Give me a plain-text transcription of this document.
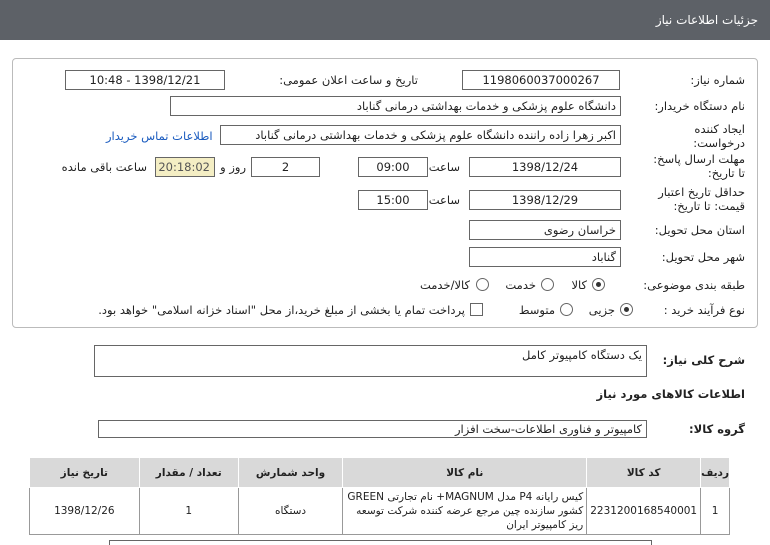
جزئیات اطلاعات نیاز
شماره نیاز:
1198060037000267
تاریخ و ساعت اعلان عمومی:
1398/12/21 - 10:48
نام دستگاه خریدار:
دانشگاه علوم پزشکی و خدمات بهداشتی درمانی گناباد
ایجاد کننده
درخواست:
اکبر زهرا زاده راننده دانشگاه علوم پزشکی و خدمات بهداشتی درمانی گناباد
اطلاعات تماس خریدار
مهلت ارسال پاسخ:
تا تاریخ:
1398/12/24
ساعت
09:00
2
روز و
20:18:02
ساعت باقی مانده
حداقل تاریخ اعتبار
قیمت: تا تاریخ:
1398/12/29
ساعت
15:00
استان محل تحویل:
خراسان رضوی
شهر محل تحویل:
گناباد
طبقه بندی موضوعی:
کالا
خدمت
کالا/خدمت
نوع فرآیند خرید :
جزیی
متوسط
پرداخت تمام یا بخشی از مبلغ خرید،از محل "اسناد خزانه اسلامی" خواهد بود.
شرح کلی نیاز:
یک دستگاه کامپیوتر کامل
اطلاعات کالاهای مورد نیاز
گروه کالا:
کامپیوتر و فناوری اطلاعات-سخت افزار
ردیف	کد کالا	نام کالا	واحد شمارش	تعداد / مقدار	تاریخ نیاز
1	2231200168540001	کیس رایانه P4 مدل MAGNUM+ نام تجارتی GREEN کشور سازنده چین مرجع عرضه کننده شرکت توسعه ریز کامپیوتر ایران	دستگاه	1	1398/12/26
